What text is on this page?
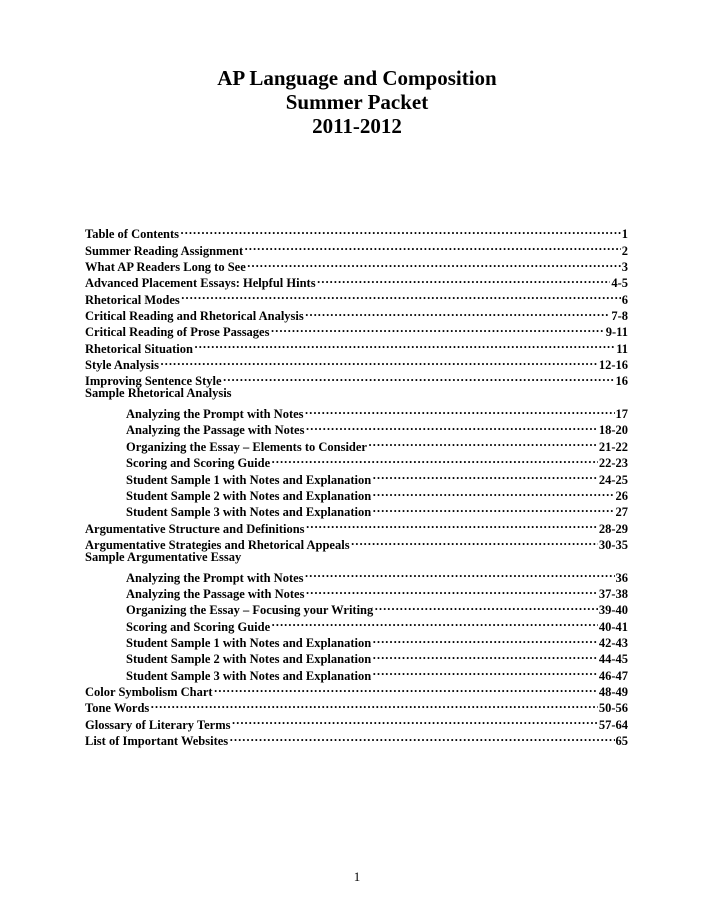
AP Language and Composition
Summer Packet
2011-2012
Table of Contents ……………………………………………………………………………………………………………………………………………………………………………………………	1
Summer Reading Assignment ……………………………………………………………………………………………………………………………………………………………………………………………	2
What AP Readers Long to See ……………………………………………………………………………………………………………………………………………………………………………………………	3
Advanced Placement Essays: Helpful Hints ……………………………………………………………………………………………………………………………………………………………………………………………	4-5
Rhetorical Modes ……………………………………………………………………………………………………………………………………………………………………………………………	6
Critical Reading and Rhetorical Analysis ……………………………………………………………………………………………………………………………………………………………………………………………	7-8
Critical Reading of Prose Passages ……………………………………………………………………………………………………………………………………………………………………………………………	9-11
Rhetorical Situation ……………………………………………………………………………………………………………………………………………………………………………………………	11
Style Analysis ……………………………………………………………………………………………………………………………………………………………………………………………	12-16
Improving Sentence Style ……………………………………………………………………………………………………………………………………………………………………………………………	16
Sample Rhetorical Analysis
Analyzing the Prompt with Notes ……………………………………………………………………………………………………………………………………………………………………………………………	17
Analyzing the Passage with Notes ……………………………………………………………………………………………………………………………………………………………………………………………	18-20
Organizing the Essay – Elements to Consider ……………………………………………………………………………………………………………………………………………………………………………………………	21-22
Scoring and Scoring Guide ……………………………………………………………………………………………………………………………………………………………………………………………	22-23
Student Sample 1 with Notes and Explanation ……………………………………………………………………………………………………………………………………………………………………………………………	24-25
Student Sample 2 with Notes and Explanation ……………………………………………………………………………………………………………………………………………………………………………………………	26
Student Sample 3 with Notes and Explanation ……………………………………………………………………………………………………………………………………………………………………………………………	27
Argumentative Structure and Definitions ……………………………………………………………………………………………………………………………………………………………………………………………	28-29
Argumentative Strategies and Rhetorical Appeals ……………………………………………………………………………………………………………………………………………………………………………………………	30-35
Sample Argumentative Essay
Analyzing the Prompt with Notes ……………………………………………………………………………………………………………………………………………………………………………………………	36
Analyzing the Passage with Notes ……………………………………………………………………………………………………………………………………………………………………………………………	37-38
Organizing the Essay – Focusing your Writing ……………………………………………………………………………………………………………………………………………………………………………………………	39-40
Scoring and Scoring Guide ……………………………………………………………………………………………………………………………………………………………………………………………	40-41
Student Sample 1 with Notes and Explanation ……………………………………………………………………………………………………………………………………………………………………………………………	42-43
Student Sample 2 with Notes and Explanation ……………………………………………………………………………………………………………………………………………………………………………………………	44-45
Student Sample 3 with Notes and Explanation ……………………………………………………………………………………………………………………………………………………………………………………………	46-47
Color Symbolism Chart ……………………………………………………………………………………………………………………………………………………………………………………………	48-49
Tone Words ……………………………………………………………………………………………………………………………………………………………………………………………	50-56
Glossary of Literary Terms ……………………………………………………………………………………………………………………………………………………………………………………………	57-64
List of Important Websites ……………………………………………………………………………………………………………………………………………………………………………………………	65
1
